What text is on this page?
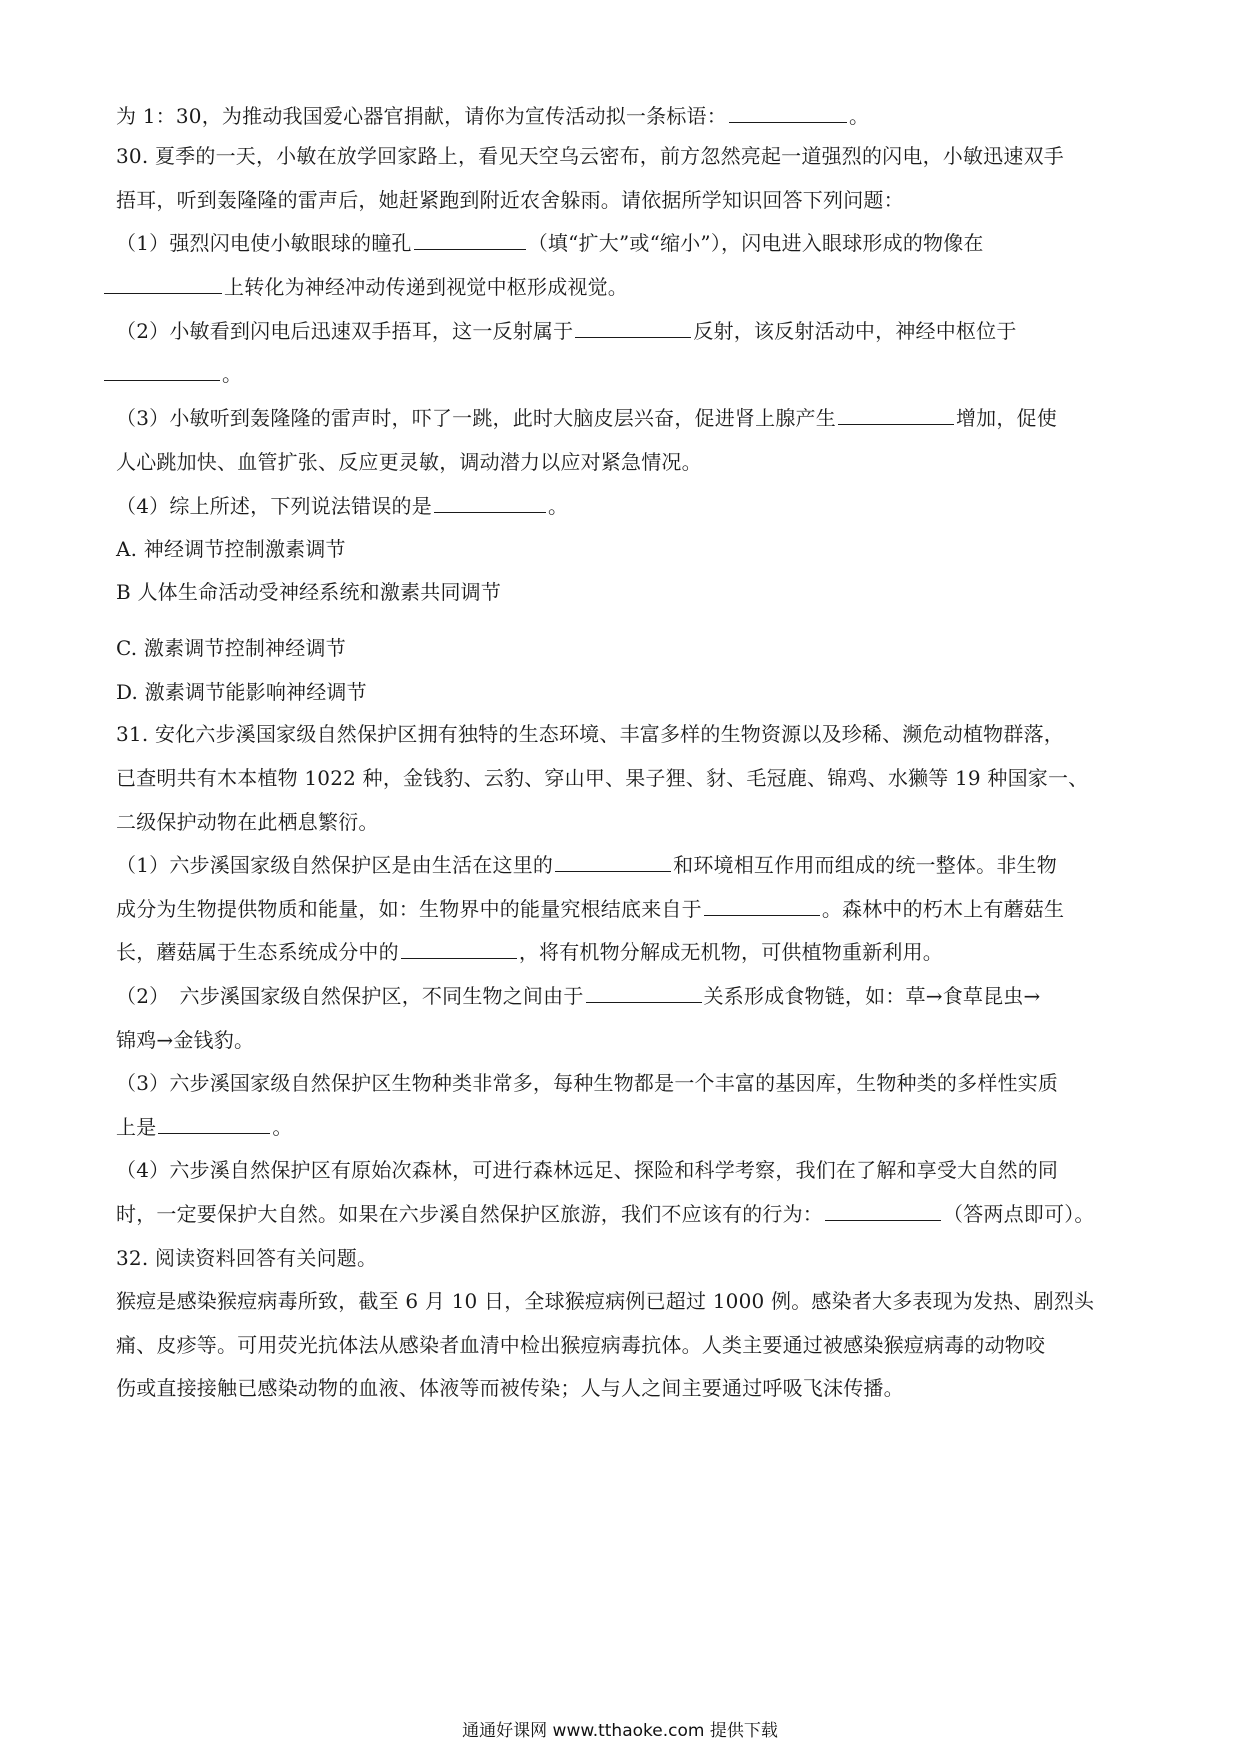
为 1：30，为推动我国爱心器官捐献，请你为宣传活动拟一条标语：	。
30. 夏季的一天，小敏在放学回家路上，看见天空乌云密布，前方忽然亮起一道强烈的闪电，小敏迅速双手
捂耳，听到轰隆隆的雷声后，她赶紧跑到附近农舍躲雨。请依据所学知识回答下列问题：
（1）强烈闪电使小敏眼球的瞳孔	（填“扩大”或“缩小”），闪电进入眼球形成的物像在
上转化为神经冲动传递到视觉中枢形成视觉。
（2）小敏看到闪电后迅速双手捂耳，这一反射属于	反射，该反射活动中，神经中枢位于
。
（3）小敏听到轰隆隆的雷声时，吓了一跳，此时大脑皮层兴奋，促进肾上腺产生	增加，促使
人心跳加快、血管扩张、反应更灵敏，调动潜力以应对紧急情况。
（4）综上所述，下列说法错误的是	。
A. 神经调节控制激素调节
B 人体生命活动受神经系统和激素共同调节
C. 激素调节控制神经调节
D. 激素调节能影响神经调节
31. 安化六步溪国家级自然保护区拥有独特的生态环境、丰富多样的生物资源以及珍稀、濒危动植物群落，
已查明共有木本植物 1022 种，金钱豹、云豹、穿山甲、果子狸、豺、毛冠鹿、锦鸡、水獭等 19 种国家一、
二级保护动物在此栖息繁衍。
（1）六步溪国家级自然保护区是由生活在这里的	和环境相互作用而组成的统一整体。非生物
成分为生物提供物质和能量，如：生物界中的能量究根结底来自于	。森林中的朽木上有蘑菇生
长，蘑菇属于生态系统成分中的	，将有机物分解成无机物，可供植物重新利用。
（2）　六步溪国家级自然保护区，不同生物之间由于	关系形成食物链，如：草→食草昆虫→
锦鸡→金钱豹。
（3）六步溪国家级自然保护区生物种类非常多，每种生物都是一个丰富的基因库，生物种类的多样性实质
上是	。
（4）六步溪自然保护区有原始次森林，可进行森林远足、探险和科学考察，我们在了解和享受大自然的同
时，一定要保护大自然。如果在六步溪自然保护区旅游，我们不应该有的行为：	（答两点即可）。
32. 阅读资料回答有关问题。
猴痘是感染猴痘病毒所致，截至 6 月 10 日，全球猴痘病例已超过 1000 例。感染者大多表现为发热、剧烈头
痛、皮疹等。可用荧光抗体法从感染者血清中检出猴痘病毒抗体。人类主要通过被感染猴痘病毒的动物咬
伤或直接接触已感染动物的血液、体液等而被传染；人与人之间主要通过呼吸飞沫传播。
通通好课网 www.tthaoke.com 提供下载
